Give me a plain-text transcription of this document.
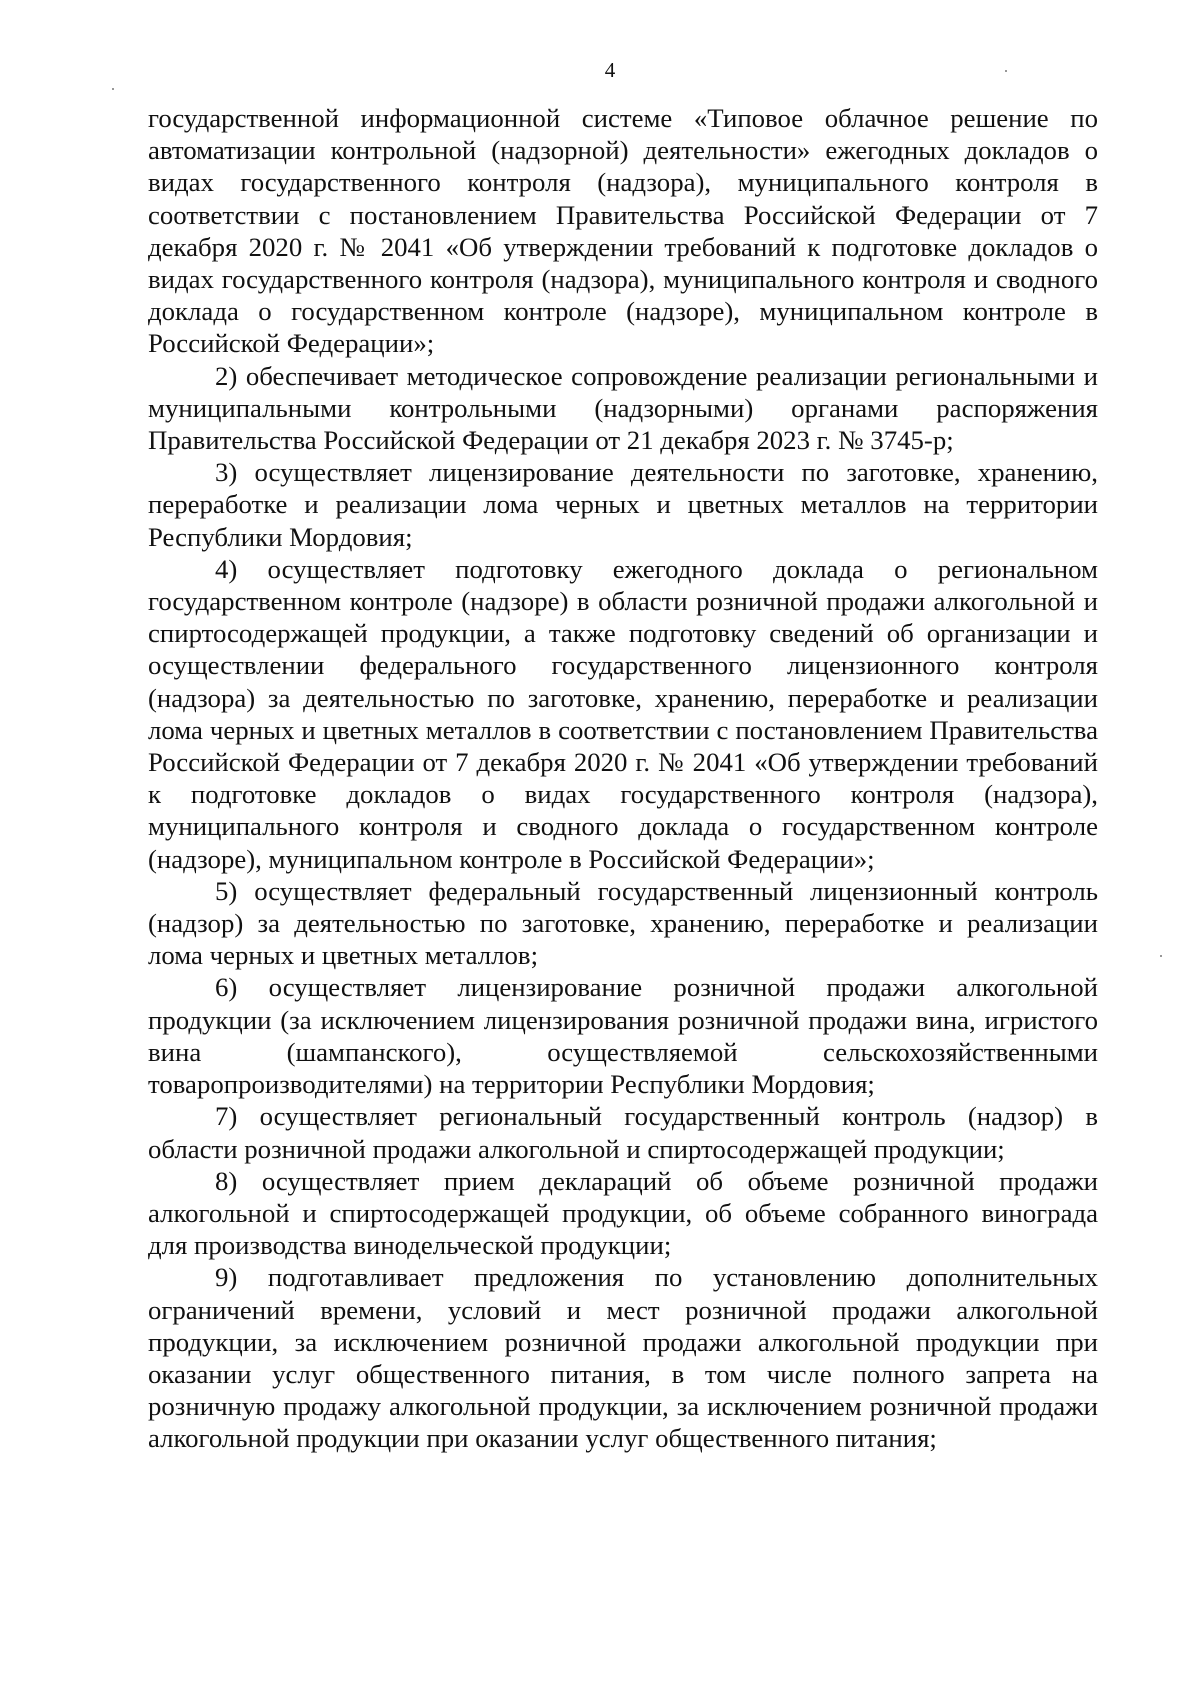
4

государственной информационной системе «Типовое облачное решение по автоматизации контрольной (надзорной) деятельности» ежегодных докладов о видах государственного контроля (надзора), муниципального контроля в соответствии с постановлением Правительства Российской Федерации от 7 декабря 2020 г. № 2041 «Об утверждении требований к подготовке докладов о видах государственного контроля (надзора), муниципального контроля и сводного доклада о государственном контроле (надзоре), муниципальном контроле в Российской Федерации»;

2) обеспечивает методическое сопровождение реализации региональными и муниципальными контрольными (надзорными) органами распоряжения Правительства Российской Федерации от 21 декабря 2023 г. № 3745-р;

3) осуществляет лицензирование деятельности по заготовке, хранению, переработке и реализации лома черных и цветных металлов на территории Республики Мордовия;

4) осуществляет подготовку ежегодного доклада о региональном государственном контроле (надзоре) в области розничной продажи алкогольной и спиртосодержащей продукции, а также подготовку сведений об организации и осуществлении федерального государственного лицензионного контроля (надзора) за деятельностью по заготовке, хранению, переработке и реализации лома черных и цветных металлов в соответствии с постановлением Правительства Российской Федерации от 7 декабря 2020 г. № 2041 «Об утверждении требований к подготовке докладов о видах государственного контроля (надзора), муниципального контроля и сводного доклада о государственном контроле (надзоре), муниципальном контроле в Российской Федерации»;

5) осуществляет федеральный государственный лицензионный контроль (надзор) за деятельностью по заготовке, хранению, переработке и реализации лома черных и цветных металлов;

6) осуществляет лицензирование розничной продажи алкогольной продукции (за исключением лицензирования розничной продажи вина, игристого вина (шампанского), осуществляемой сельскохозяйственными товаропроизводителями) на территории Республики Мордовия;

7) осуществляет региональный государственный контроль (надзор) в области розничной продажи алкогольной и спиртосодержащей продукции;

8) осуществляет прием деклараций об объеме розничной продажи алкогольной и спиртосодержащей продукции, об объеме собранного винограда для производства винодельческой продукции;

9) подготавливает предложения по установлению дополнительных ограничений времени, условий и мест розничной продажи алкогольной продукции, за исключением розничной продажи алкогольной продукции при оказании услуг общественного питания, в том числе полного запрета на розничную продажу алкогольной продукции, за исключением розничной продажи алкогольной продукции при оказании услуг общественного питания;
